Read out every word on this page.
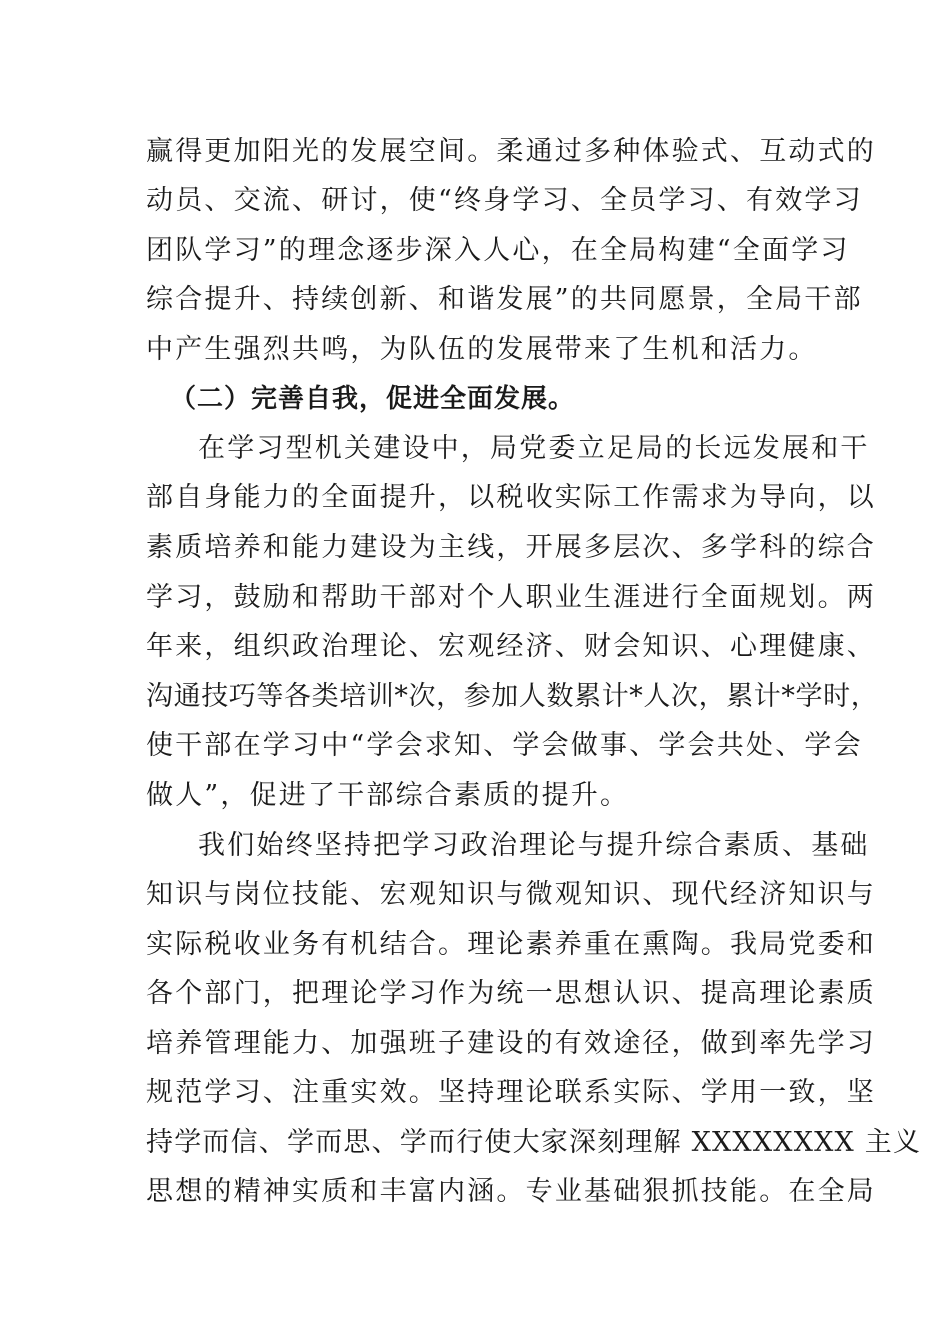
赢得更加阳光的发展空间。柔通过多种体验式、互动式的
动员、交流、研讨，使“终身学习、全员学习、有效学习
团队学习”的理念逐步深入人心，在全局构建“全面学习
综合提升、持续创新、和谐发展”的共同愿景，全局干部
中产生强烈共鸣，为队伍的发展带来了生机和活力。
（二）完善自我，促进全面发展。
在学习型机关建设中，局党委立足局的长远发展和干
部自身能力的全面提升，以税收实际工作需求为导向，以
素质培养和能力建设为主线，开展多层次、多学科的综合
学习，鼓励和帮助干部对个人职业生涯进行全面规划。两
年来，组织政治理论、宏观经济、财会知识、心理健康、
沟通技巧等各类培训*次，参加人数累计*人次，累计*学时，
使干部在学习中“学会求知、学会做事、学会共处、学会
做人”，促进了干部综合素质的提升。
我们始终坚持把学习政治理论与提升综合素质、基础
知识与岗位技能、宏观知识与微观知识、现代经济知识与
实际税收业务有机结合。理论素养重在熏陶。我局党委和
各个部门，把理论学习作为统一思想认识、提高理论素质
培养管理能力、加强班子建设的有效途径，做到率先学习
规范学习、注重实效。坚持理论联系实际、学用一致，坚
持学而信、学而思、学而行使大家深刻理解 XXXXXXXX 主义
思想的精神实质和丰富内涵。专业基础狠抓技能。在全局
